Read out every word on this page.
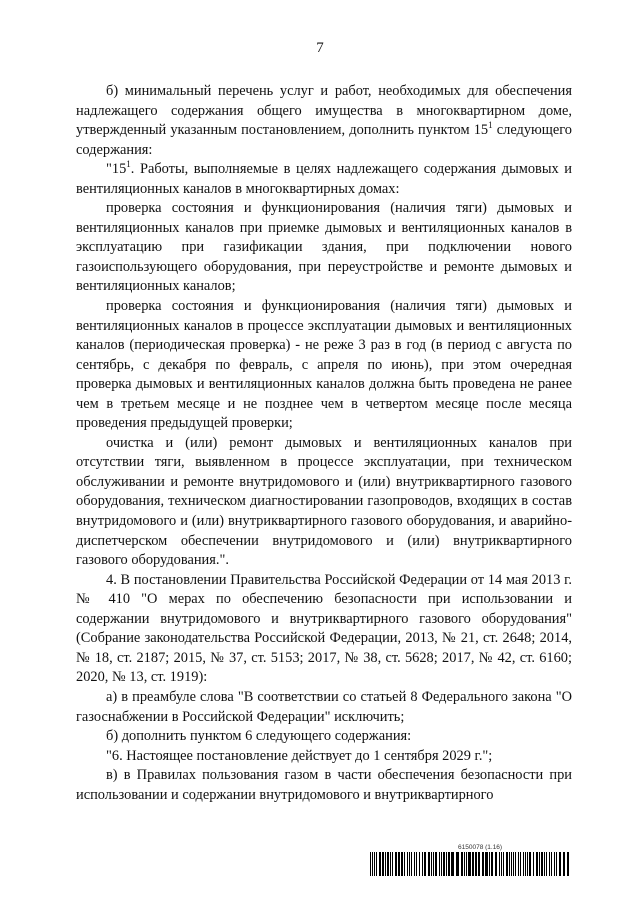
7

б) минимальный перечень услуг и работ, необходимых для обеспечения надлежащего содержания общего имущества в многоквартирном доме, утвержденный указанным постановлением, дополнить пунктом $15^1$ следующего содержания:

"$15^1$. Работы, выполняемые в целях надлежащего содержания дымовых и вентиляционных каналов в многоквартирных домах:

проверка состояния и функционирования (наличия тяги) дымовых и вентиляционных каналов при приемке дымовых и вентиляционных каналов в эксплуатацию при газификации здания, при подключении нового газоиспользующего оборудования, при переустройстве и ремонте дымовых и вентиляционных каналов;

проверка состояния и функционирования (наличия тяги) дымовых и вентиляционных каналов в процессе эксплуатации дымовых и вентиляционных каналов (периодическая проверка) - не реже 3 раз в год (в период с августа по сентябрь, с декабря по февраль, с апреля по июнь), при этом очередная проверка дымовых и вентиляционных каналов должна быть проведена не ранее чем в третьем месяце и не позднее чем в четвертом месяце после месяца проведения предыдущей проверки;

очистка и (или) ремонт дымовых и вентиляционных каналов при отсутствии тяги, выявленном в процессе эксплуатации, при техническом обслуживании и ремонте внутридомового и (или) внутриквартирного газового оборудования, техническом диагностировании газопроводов, входящих в состав внутридомового и (или) внутриквартирного газового оборудования, и аварийно-диспетчерском обеспечении внутридомового и (или) внутриквартирного газового оборудования.".

4. В постановлении Правительства Российской Федерации от 14 мая 2013 г. № 410 "О мерах по обеспечению безопасности при использовании и содержании внутридомового и внутриквартирного газового оборудования" (Собрание законодательства Российской Федерации, 2013, № 21, ст. 2648; 2014, № 18, ст. 2187; 2015, № 37, ст. 5153; 2017, № 38, ст. 5628; 2017, № 42, ст. 6160; 2020, № 13, ст. 1919):

а) в преамбуле слова "В соответствии со статьей 8 Федерального закона "О газоснабжении в Российской Федерации" исключить;

б) дополнить пунктом 6 следующего содержания:

"6. Настоящее постановление действует до 1 сентября 2029 г.";

в) в Правилах пользования газом в части обеспечения безопасности при использовании и содержании внутридомового и внутриквартирного

6150078 (1.16)
